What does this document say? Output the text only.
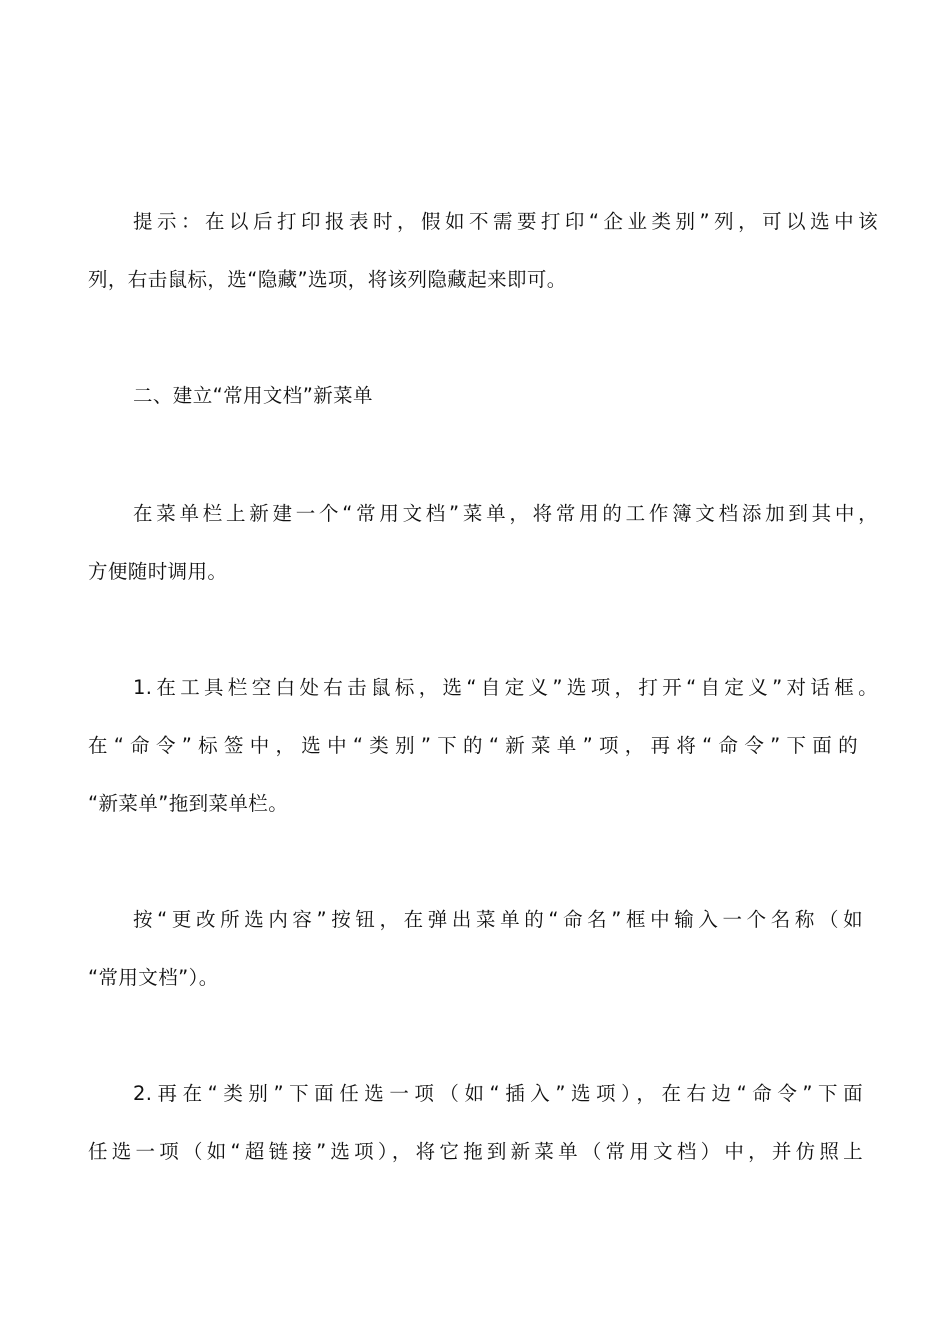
提示：在以后打印报表时，假如不需要打印“企业类别”列，可以选中该
列，右击鼠标，选“隐藏”选项，将该列隐藏起来即可。
二、建立“常用文档”新菜单
在菜单栏上新建一个“常用文档”菜单，将常用的工作簿文档添加到其中，
方便随时调用。
1.在工具栏空白处右击鼠标，选“自定义”选项，打开“自定义”对话框。
在“命令”标签中，选中“类别”下的“新菜单”项，再将“命令”下面的
“新菜单”拖到菜单栏。
按“更改所选内容”按钮，在弹出菜单的“命名”框中输入一个名称（如
“常用文档”）。
2.再在“类别”下面任选一项（如“插入”选项），在右边“命令”下面
任选一项（如“超链接”选项），将它拖到新菜单（常用文档）中，并仿照上
